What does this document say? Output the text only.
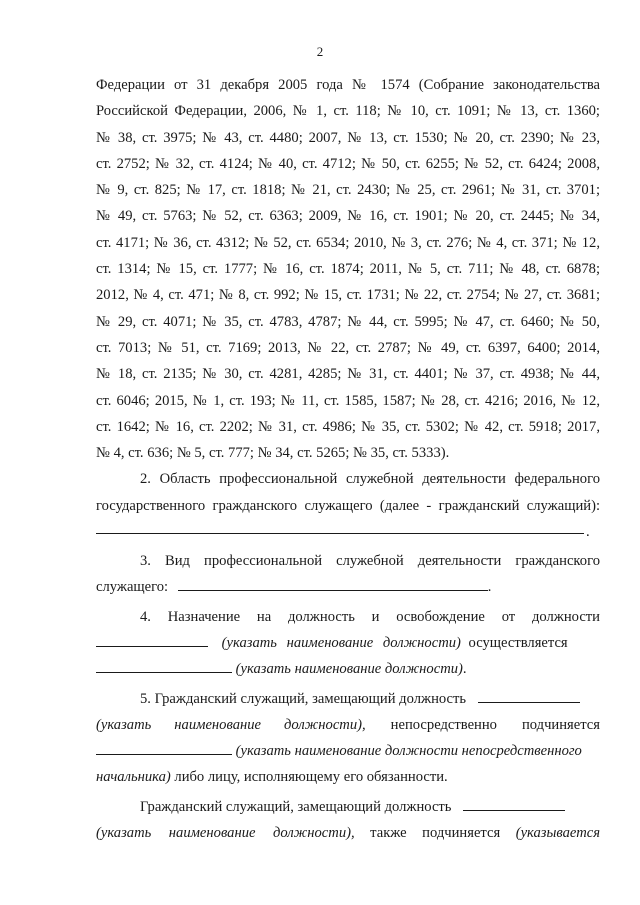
2

Федерации от 31 декабря 2005 года № 1574 (Собрание законодательства

Российской Федерации, 2006, № 1, ст. 118; № 10, ст. 1091; № 13, ст. 1360;

№ 38, ст. 3975; № 43, ст. 4480; 2007, № 13, ст. 1530; № 20, ст. 2390; № 23,

ст. 2752; № 32, ст. 4124; № 40, ст. 4712; № 50, ст. 6255; № 52, ст. 6424; 2008,

№ 9, ст. 825; № 17, ст. 1818; № 21, ст. 2430; № 25, ст. 2961; № 31, ст. 3701;

№ 49, ст. 5763; № 52, ст. 6363; 2009, № 16, ст. 1901; № 20, ст. 2445; № 34,

ст. 4171; № 36, ст. 4312; № 52, ст. 6534; 2010, № 3, ст. 276; № 4, ст. 371; № 12,

ст. 1314; № 15, ст. 1777; № 16, ст. 1874; 2011, № 5, ст. 711; № 48, ст. 6878;

2012, № 4, ст. 471; № 8, ст. 992; № 15, ст. 1731; № 22, ст. 2754; № 27, ст. 3681;

№ 29, ст. 4071; № 35, ст. 4783, 4787; № 44, ст. 5995; № 47, ст. 6460; № 50,

ст. 7013; № 51, ст. 7169; 2013, № 22, ст. 2787; № 49, ст. 6397, 6400; 2014,

№ 18, ст. 2135; № 30, ст. 4281, 4285; № 31, ст. 4401; № 37, ст. 4938; № 44,

ст. 6046; 2015, № 1, ст. 193; № 11, ст. 1585, 1587; № 28, ст. 4216; 2016, № 12,

ст. 1642; № 16, ст. 2202; № 31, ст. 4986; № 35, ст. 5302; № 42, ст. 5918; 2017,

№ 4, ст. 636; № 5, ст. 777; № 34, ст. 5265; № 35, ст. 5333).

2. Область профессиональной служебной деятельности федерального

государственного гражданского служащего (далее - гражданский служащий):

.

3. Вид профессиональной служебной деятельности гражданского

служащего:	.

4. Назначение на должность и освобождение от должности

(указать наименование должности) осуществляется

(указать наименование должности).

5. Гражданский служащий, замещающий должность

(указать наименование должности), непосредственно подчиняется

(указать наименование должности непосредственного

начальника) либо лицу, исполняющему его обязанности.

Гражданский служащий, замещающий должность

(указать наименование должности), также подчиняется (указывается
